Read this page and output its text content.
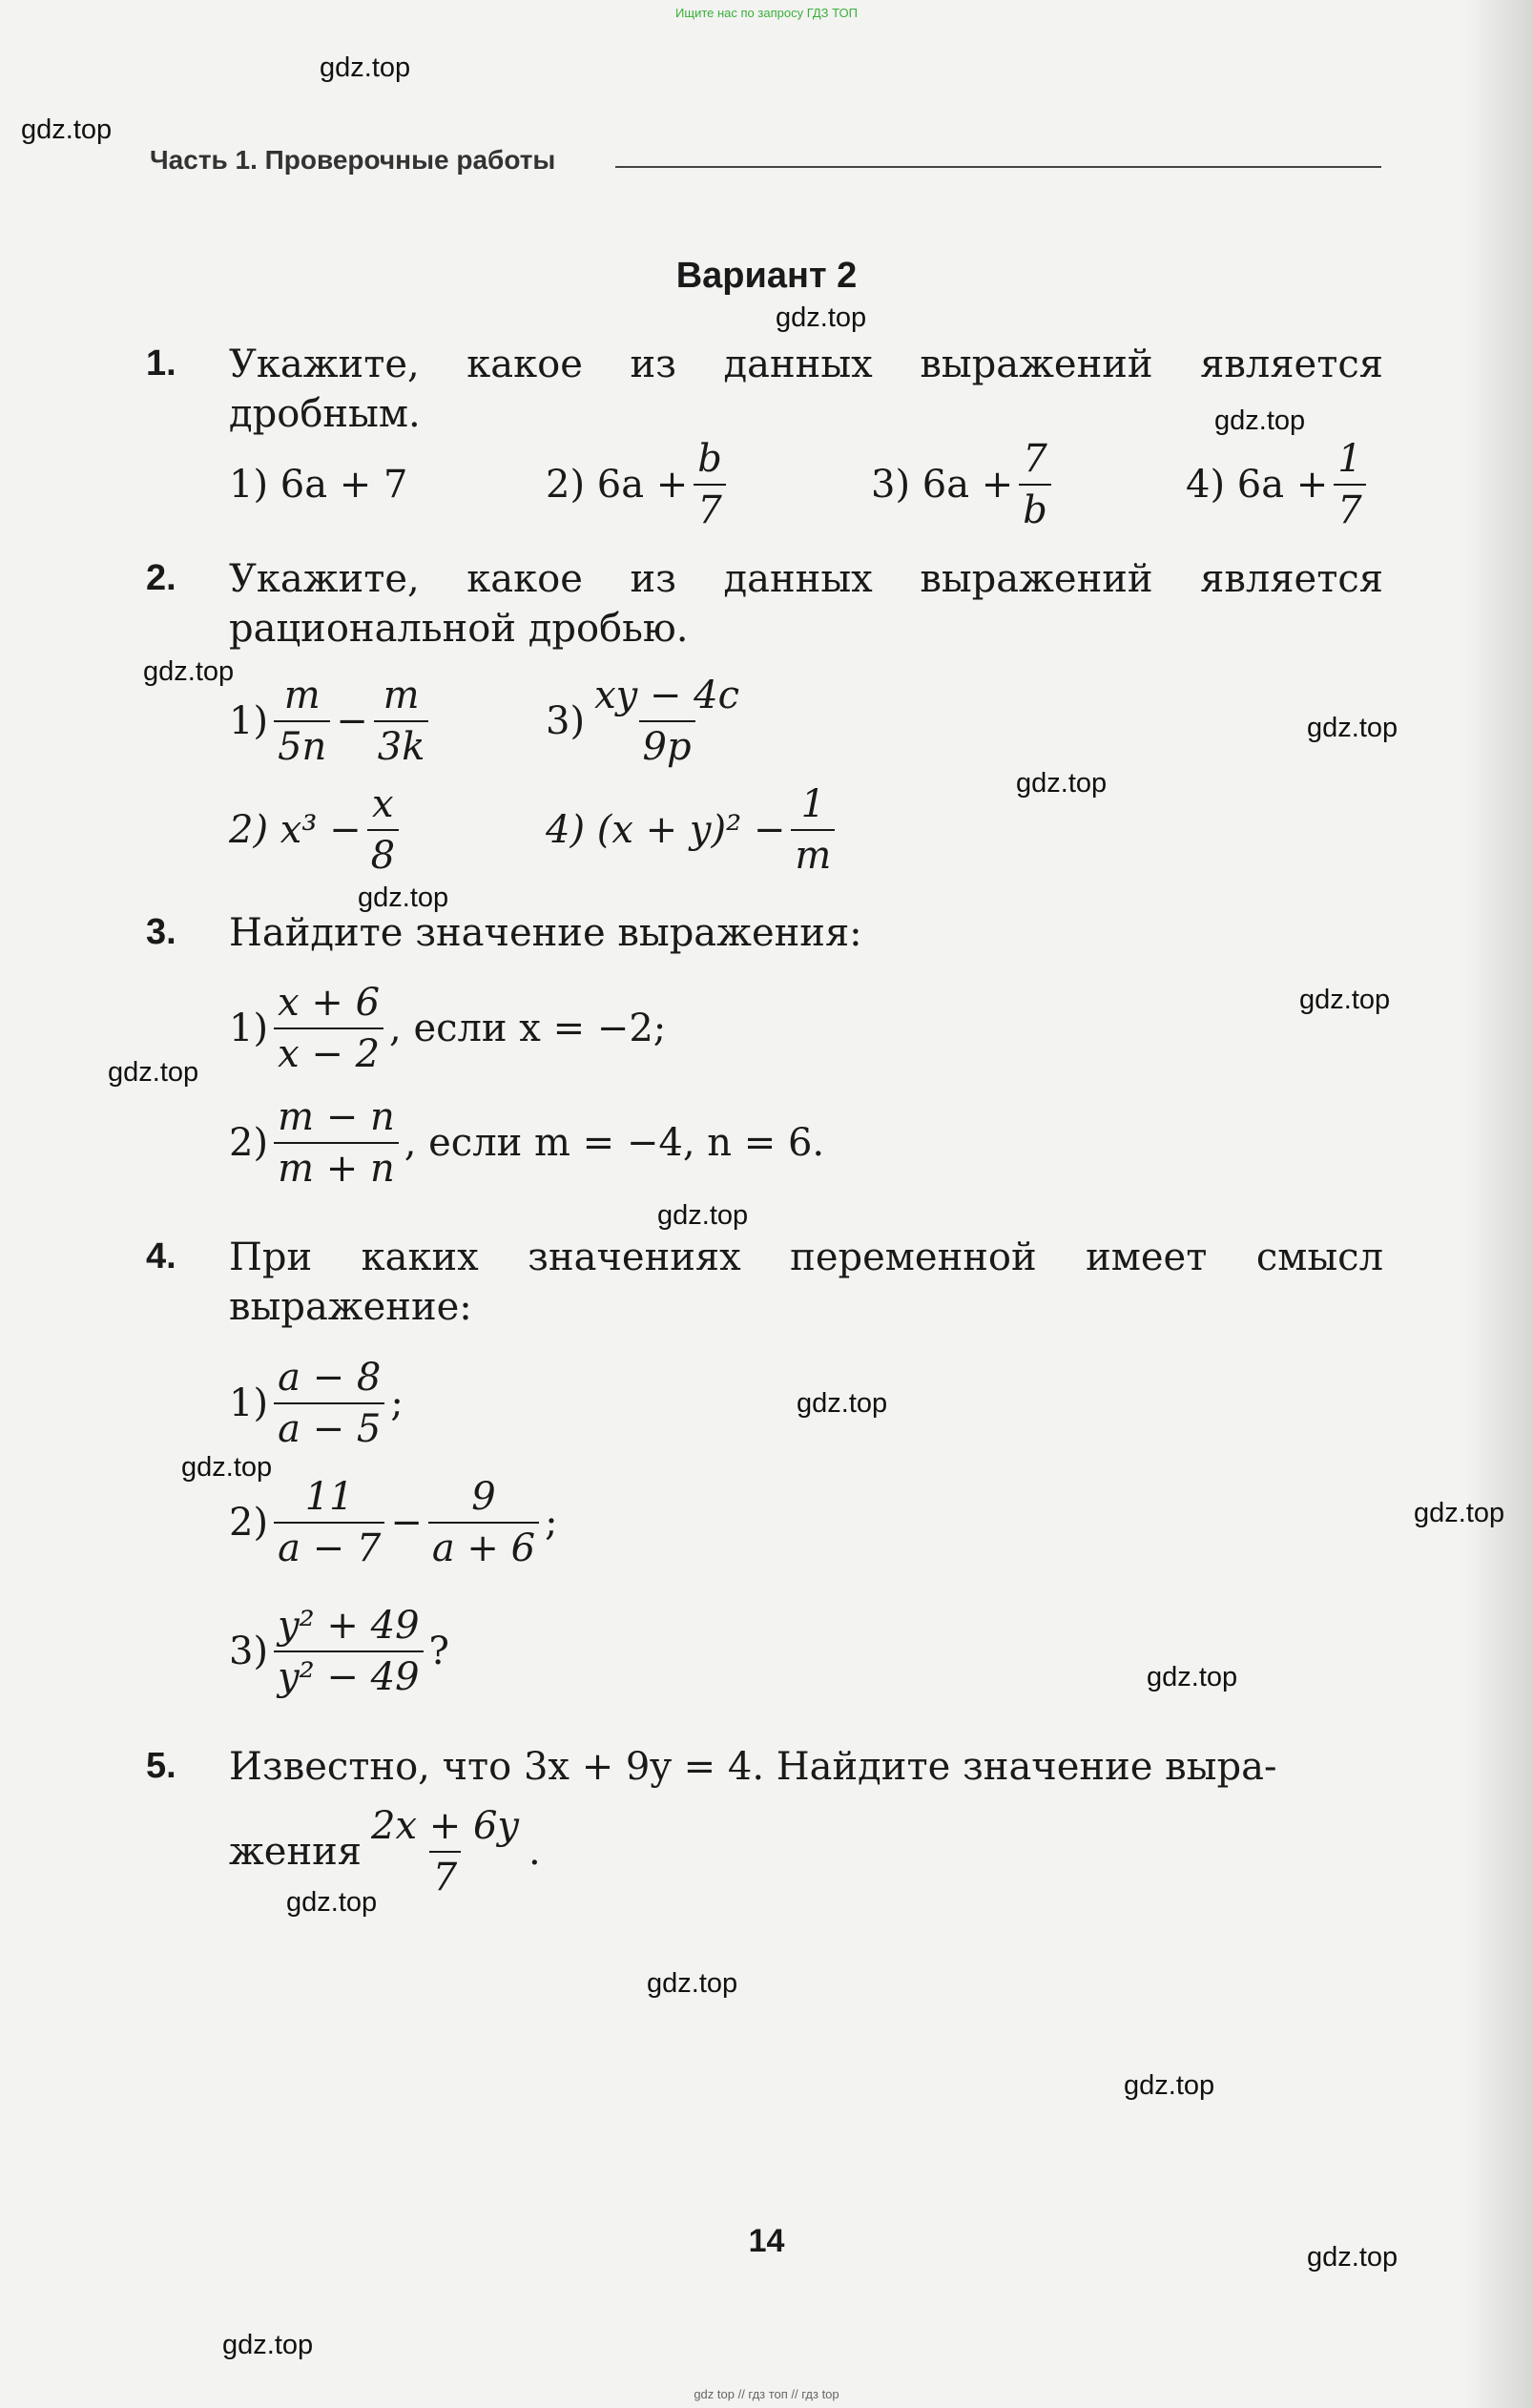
Ищите нас по запросу ГДЗ ТОП
gdz.top
gdz.top
gdz.top
gdz.top
gdz.top
gdz.top
gdz.top
gdz.top
gdz.top
gdz.top
gdz.top
gdz.top
gdz.top
gdz.top
gdz.top
gdz.top
gdz.top
gdz.top
gdz.top
gdz.top
Часть 1. Проверочные работы
Вариант 2
1. Укажите, какое из данных выражений является дробным.
1) 6a + 7	2) $6a + \frac{b}{7}$	3) $6a + \frac{7}{b}$	4) $6a + \frac{1}{7}$
2. Укажите, какое из данных выражений является рациональной дробью.
$1) \frac{m}{5n} - \frac{m}{3k}$	$3) \frac{xy - 4c}{9p}$
2) $x^3 - \frac{x}{8}$	4) $(x + y)^2 - \frac{1}{m}$
3. Найдите значение выражения:
$1) \frac{x + 6}{x - 2}$ , если x = −2;
$2) \frac{m - n}{m + n}$ , если m = −4, n = 6.
4. При каких значениях переменной имеет смысл выражение:
$1) \frac{a - 8}{a - 5}$ ;
$2) \frac{11}{a - 7} - \frac{9}{a + 6}$ ;
$3) \frac{\text{y² + 49}}{\text{y² − 49}}$ ?
5. Известно, что 3x + 9y = 4. Найдите значение выра-
жения $\frac{2x + 6y}{7}$ .
14
gdz top // гдз топ // гдз top
